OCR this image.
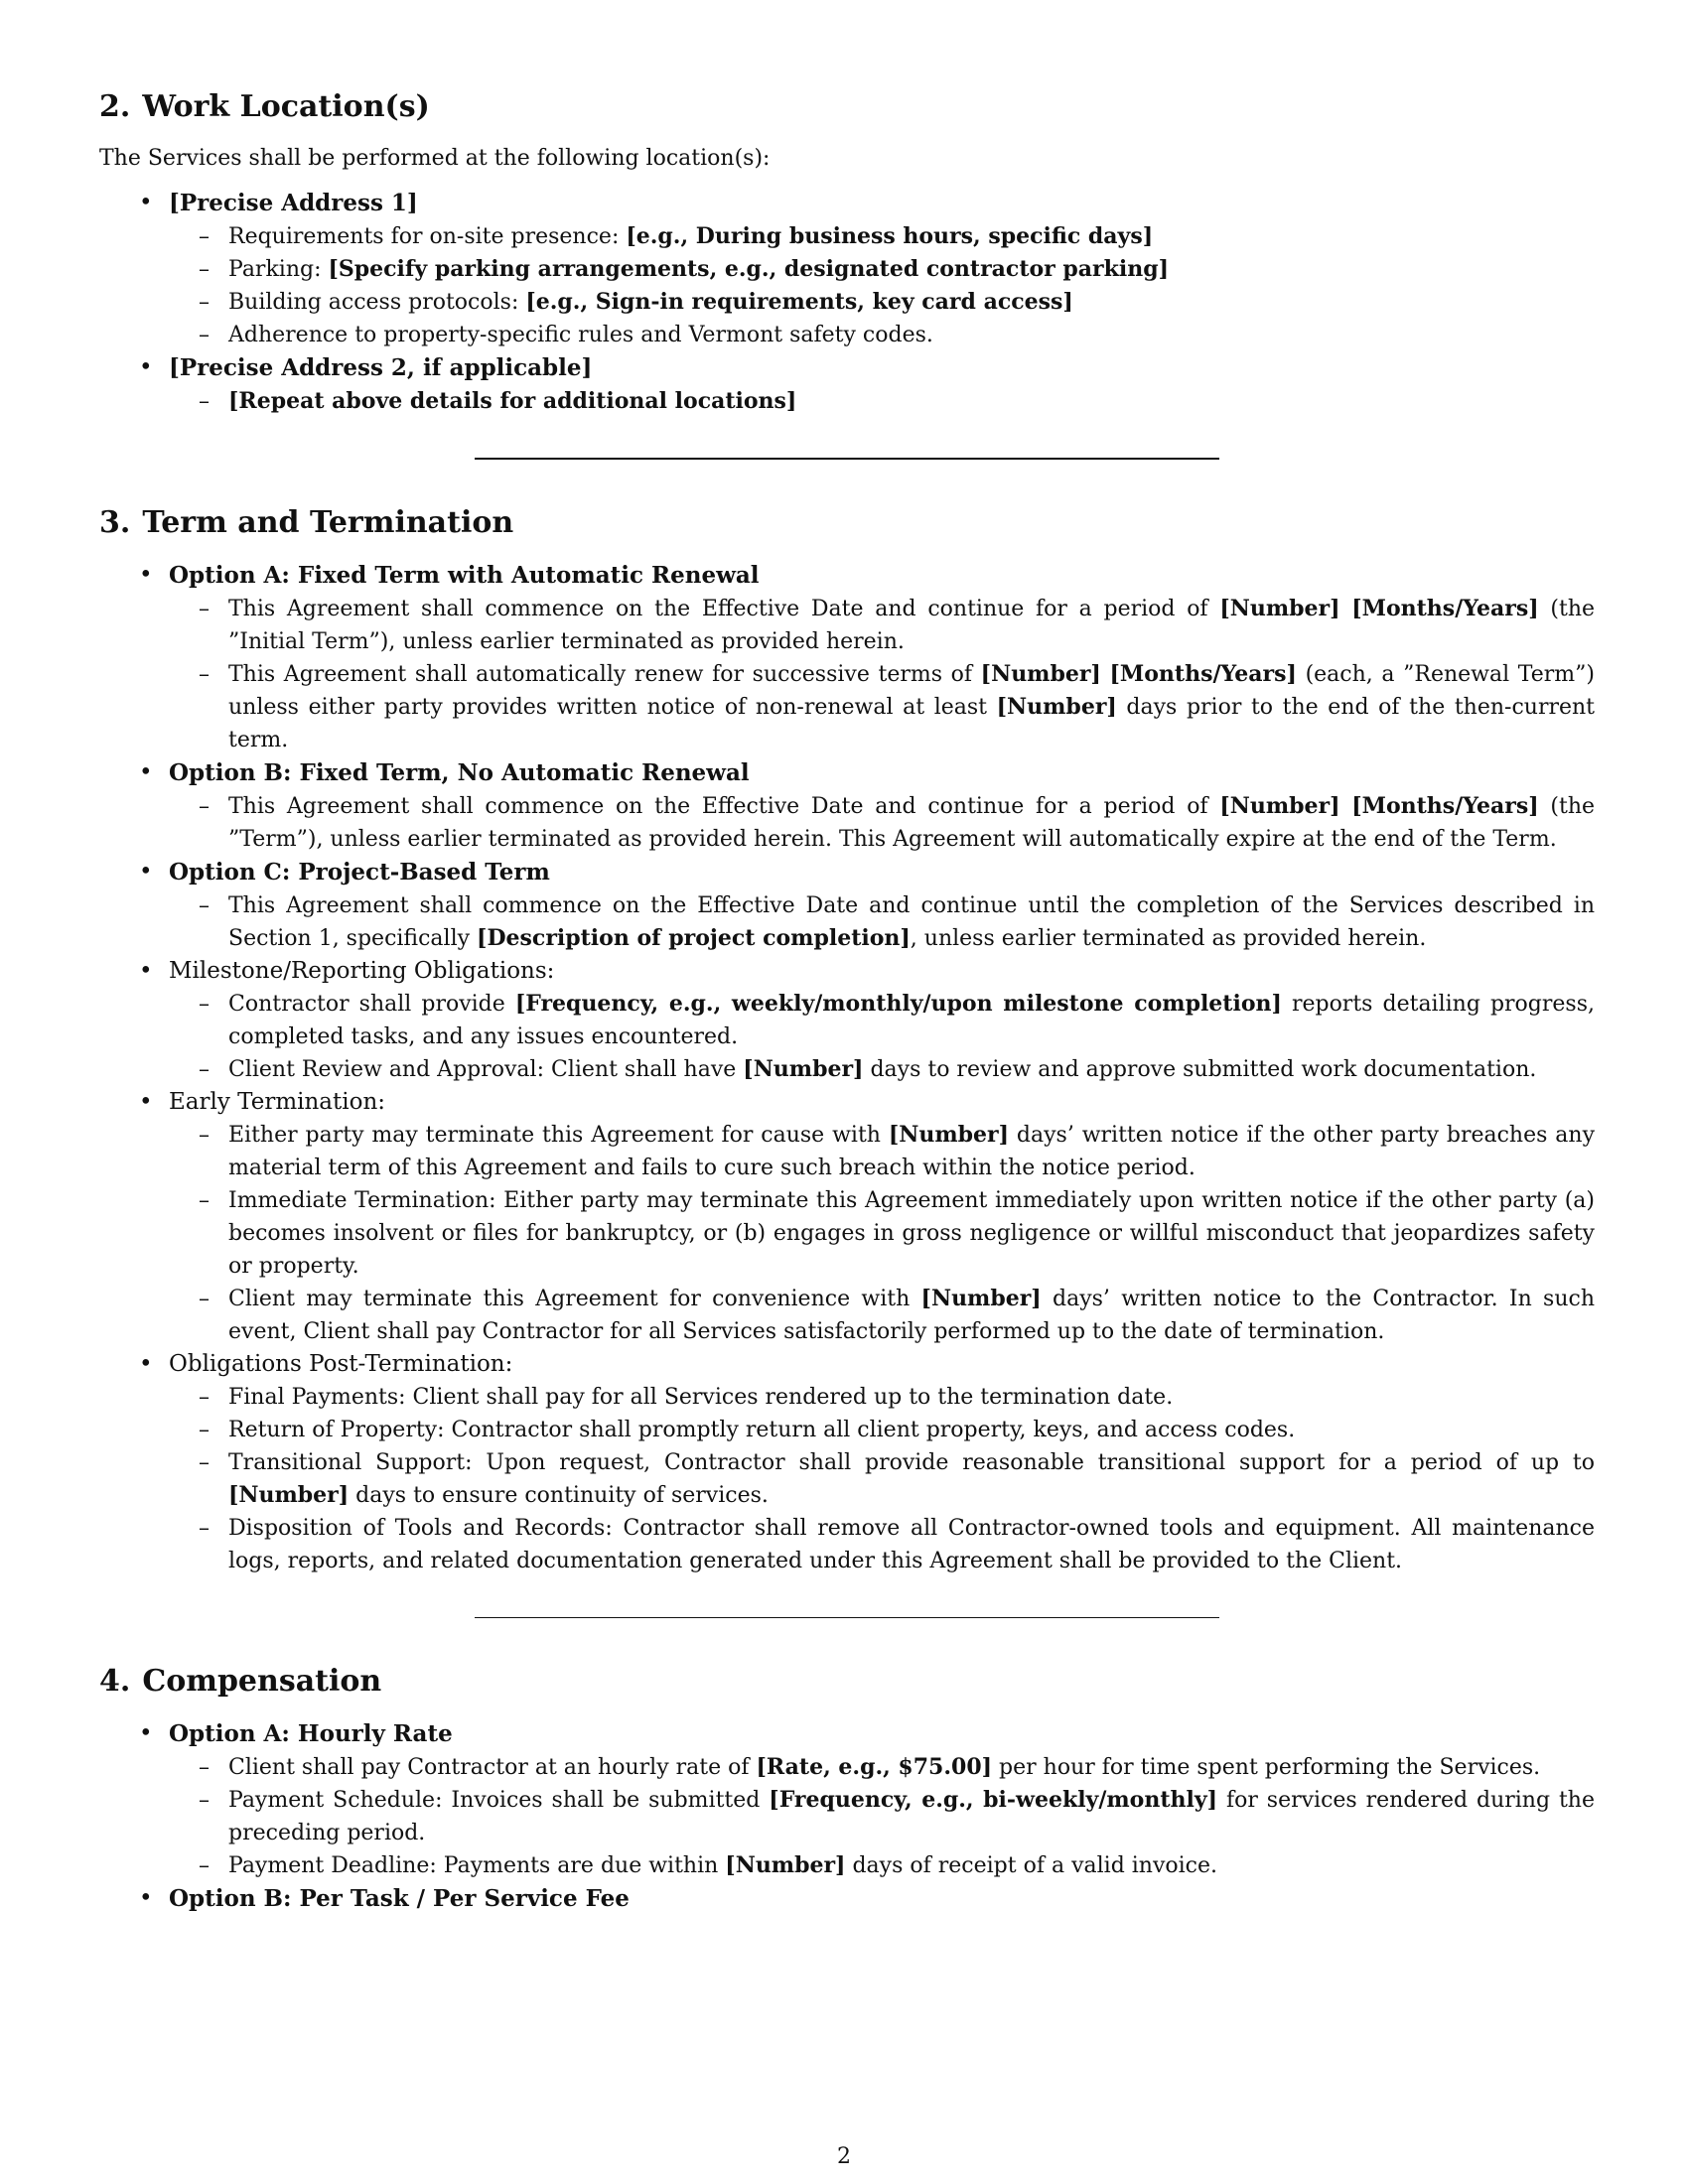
2. Work Location(s)

The Services shall be performed at the following location(s):

• [Precise Address 1]
– Requirements for on-site presence: [e.g., During business hours, specific days]
– Parking: [Specify parking arrangements, e.g., designated contractor parking]
– Building access protocols: [e.g., Sign-in requirements, key card access]
– Adherence to property-specific rules and Vermont safety codes.
• [Precise Address 2, if applicable]
– [Repeat above details for additional locations]
3. Term and Termination
• Option A: Fixed Term with Automatic Renewal
– This Agreement shall commence on the Effective Date and continue for a period of [Number] [Months/Years] (the ”Initial Term”), unless earlier terminated as provided herein.
– This Agreement shall automatically renew for successive terms of [Number] [Months/Years] (each, a ”Renewal Term”) unless either party provides written notice of non-renewal at least [Number] days prior to the end of the then-current term.
• Option B: Fixed Term, No Automatic Renewal
– This Agreement shall commence on the Effective Date and continue for a period of [Number] [Months/Years] (the ”Term”), unless earlier terminated as provided herein. This Agreement will automatically expire at the end of the Term.
• Option C: Project-Based Term
– This Agreement shall commence on the Effective Date and continue until the completion of the Services described in Section 1, specifically [Description of project completion], unless earlier terminated as provided herein.
• Milestone/Reporting Obligations:
– Contractor shall provide [Frequency, e.g., weekly/monthly/upon milestone completion] reports detailing progress, completed tasks, and any issues encountered.
– Client Review and Approval: Client shall have [Number] days to review and approve submitted work documentation.
• Early Termination:
– Either party may terminate this Agreement for cause with [Number] days’ written notice if the other party breaches any material term of this Agreement and fails to cure such breach within the notice period.
– Immediate Termination: Either party may terminate this Agreement immediately upon written notice if the other party (a) becomes insolvent or files for bankruptcy, or (b) engages in gross negligence or willful misconduct that jeopardizes safety or property.
– Client may terminate this Agreement for convenience with [Number] days’ written notice to the Contractor. In such event, Client shall pay Contractor for all Services satisfactorily performed up to the date of termination.
• Obligations Post-Termination:
– Final Payments: Client shall pay for all Services rendered up to the termination date.
– Return of Property: Contractor shall promptly return all client property, keys, and access codes.
– Transitional Support: Upon request, Contractor shall provide reasonable transitional support for a period of up to [Number] days to ensure continuity of services.
– Disposition of Tools and Records: Contractor shall remove all Contractor-owned tools and equipment. All maintenance logs, reports, and related documentation generated under this Agreement shall be provided to the Client.
4. Compensation
• Option A: Hourly Rate
– Client shall pay Contractor at an hourly rate of [Rate, e.g., $75.00] per hour for time spent performing the Services.
– Payment Schedule: Invoices shall be submitted [Frequency, e.g., bi-weekly/monthly] for services rendered during the preceding period.
– Payment Deadline: Payments are due within [Number] days of receipt of a valid invoice.
• Option B: Per Task / Per Service Fee
2
